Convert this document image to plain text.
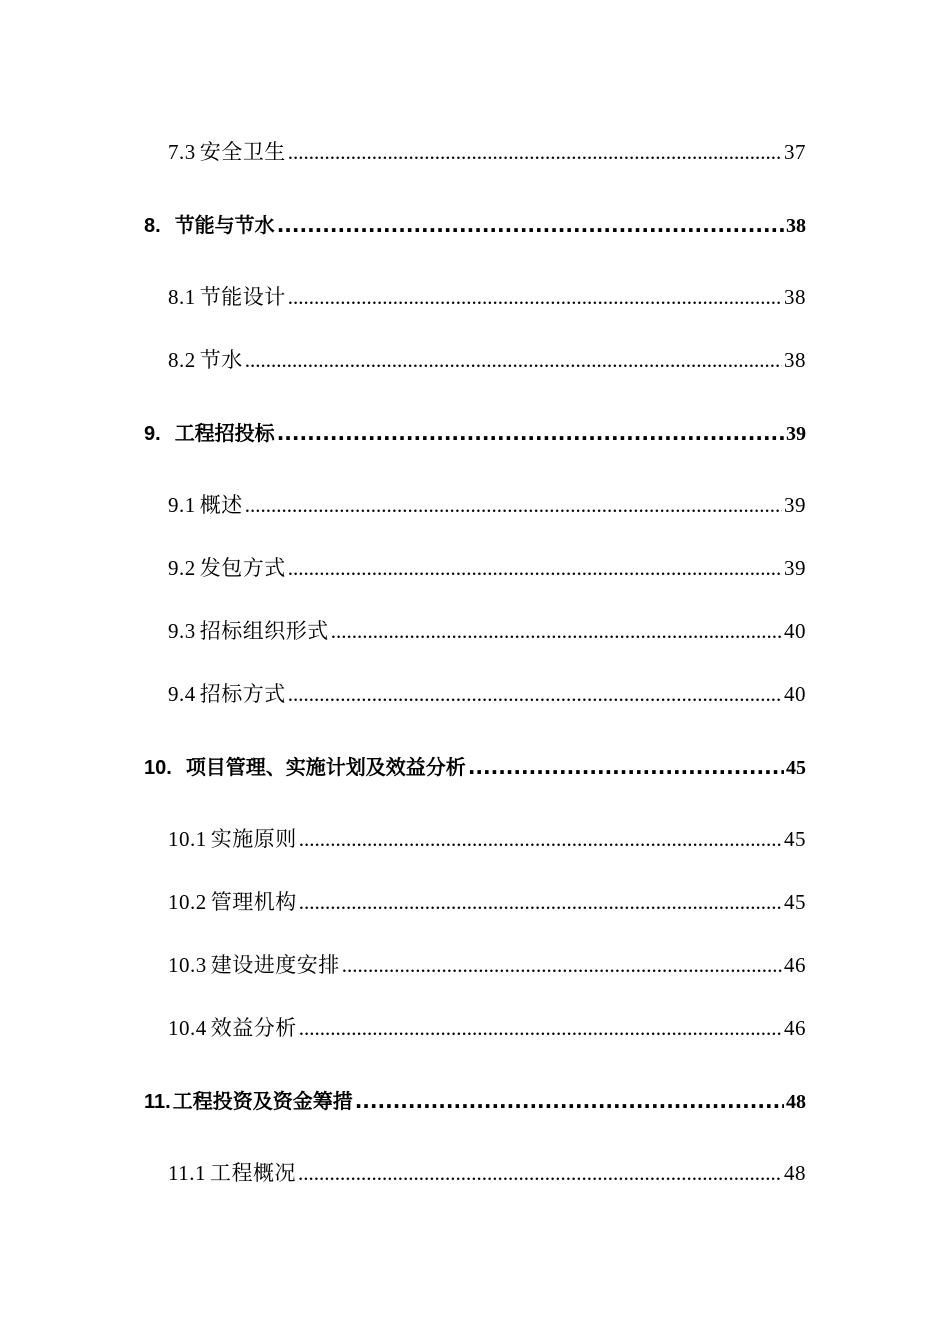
7.3 安全卫生 .....	37
8. 节能与节水 .....	38
8.1 节能设计 .....	38
8.2 节水 .....	38
9. 工程招投标 .....	39
9.1 概述 .....	39
9.2 发包方式 .....	39
9.3 招标组织形式 .....	40
9.4 招标方式 .....	40
10. 项目管理、实施计划及效益分析 .....	45
10.1 实施原则 .....	45
10.2 管理机构 .....	45
10.3 建设进度安排 .....	46
10.4 效益分析 .....	46
11. 工程投资及资金筹措 .....	48
11.1 工程概况 .....	48
